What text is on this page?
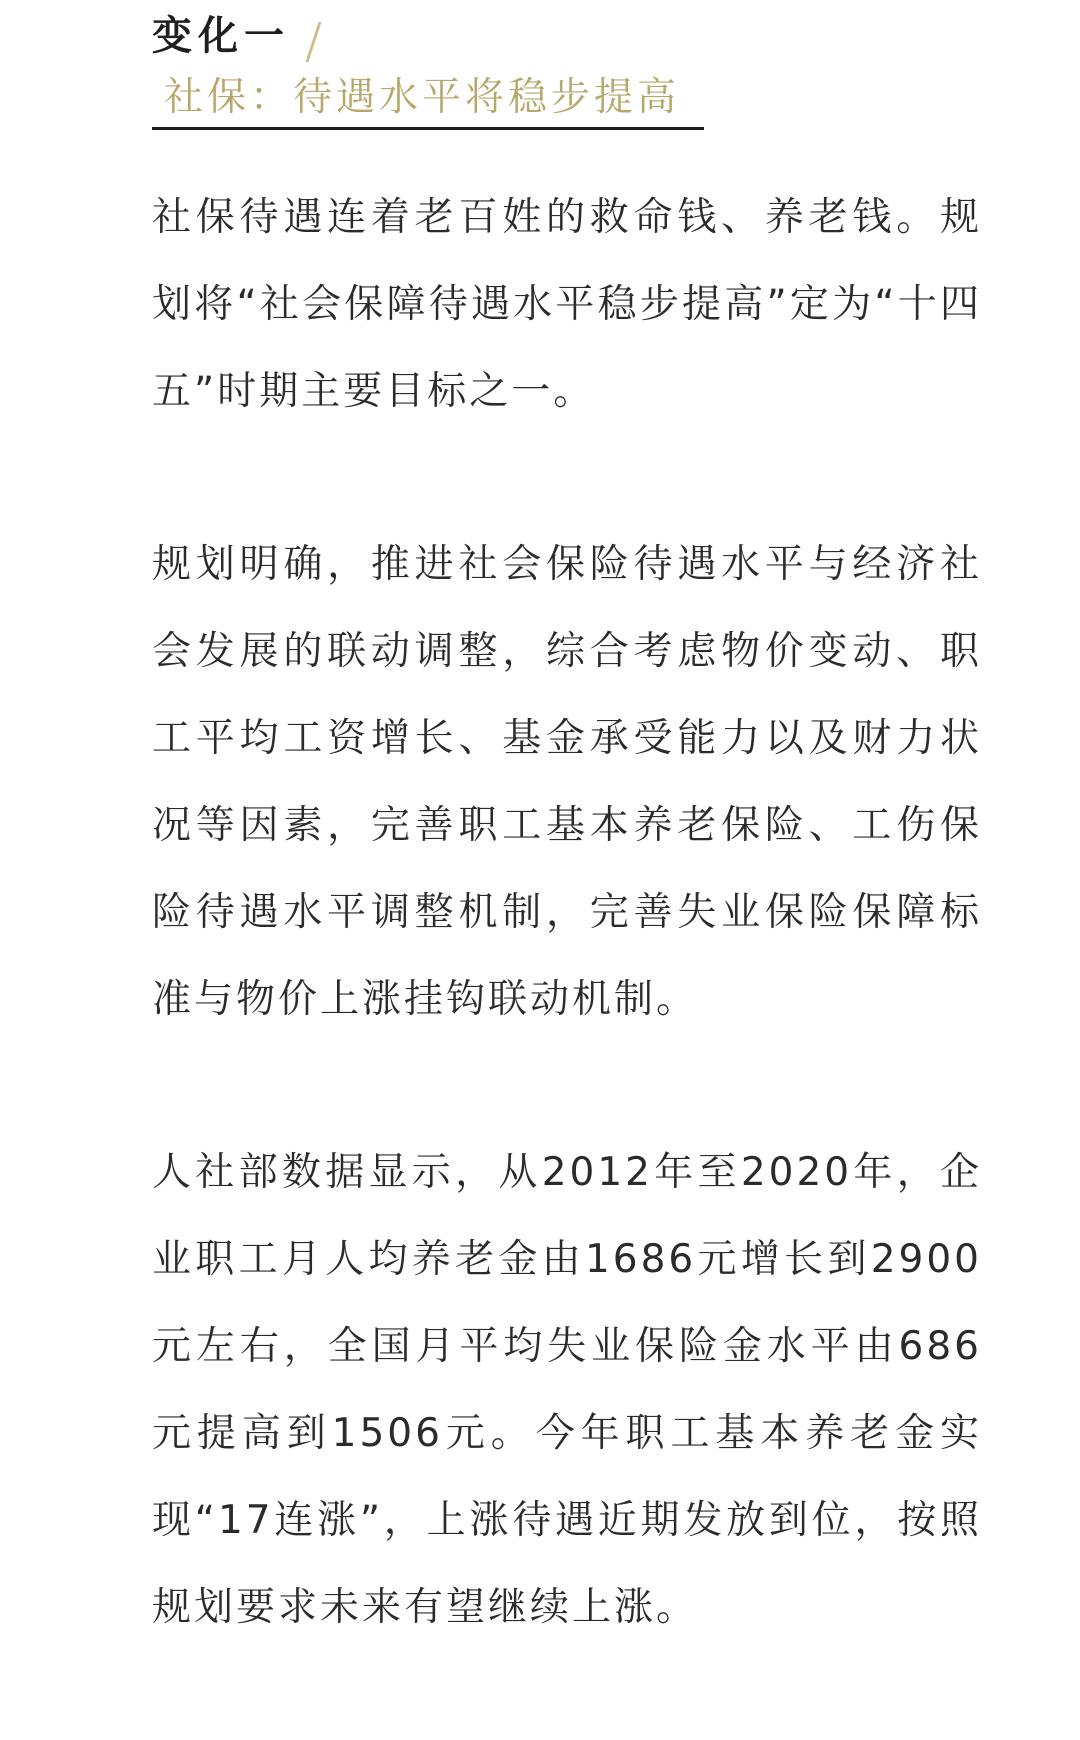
变化一
社保：待遇水平将稳步提高

社保待遇连着老百姓的救命钱、养老钱。规划将“社会保障待遇水平稳步提高”定为“十四五”时期主要目标之一。

规划明确，推进社会保险待遇水平与经济社会发展的联动调整，综合考虑物价变动、职工平均工资增长、基金承受能力以及财力状况等因素，完善职工基本养老保险、工伤保险待遇水平调整机制，完善失业保险保障标准与物价上涨挂钩联动机制。

人社部数据显示，从2012年至2020年，企业职工月人均养老金由1686元增长到2900元左右，全国月平均失业保险金水平由686元提高到1506元。今年职工基本养老金实现“17连涨”，上涨待遇近期发放到位，按照规划要求未来有望继续上涨。
